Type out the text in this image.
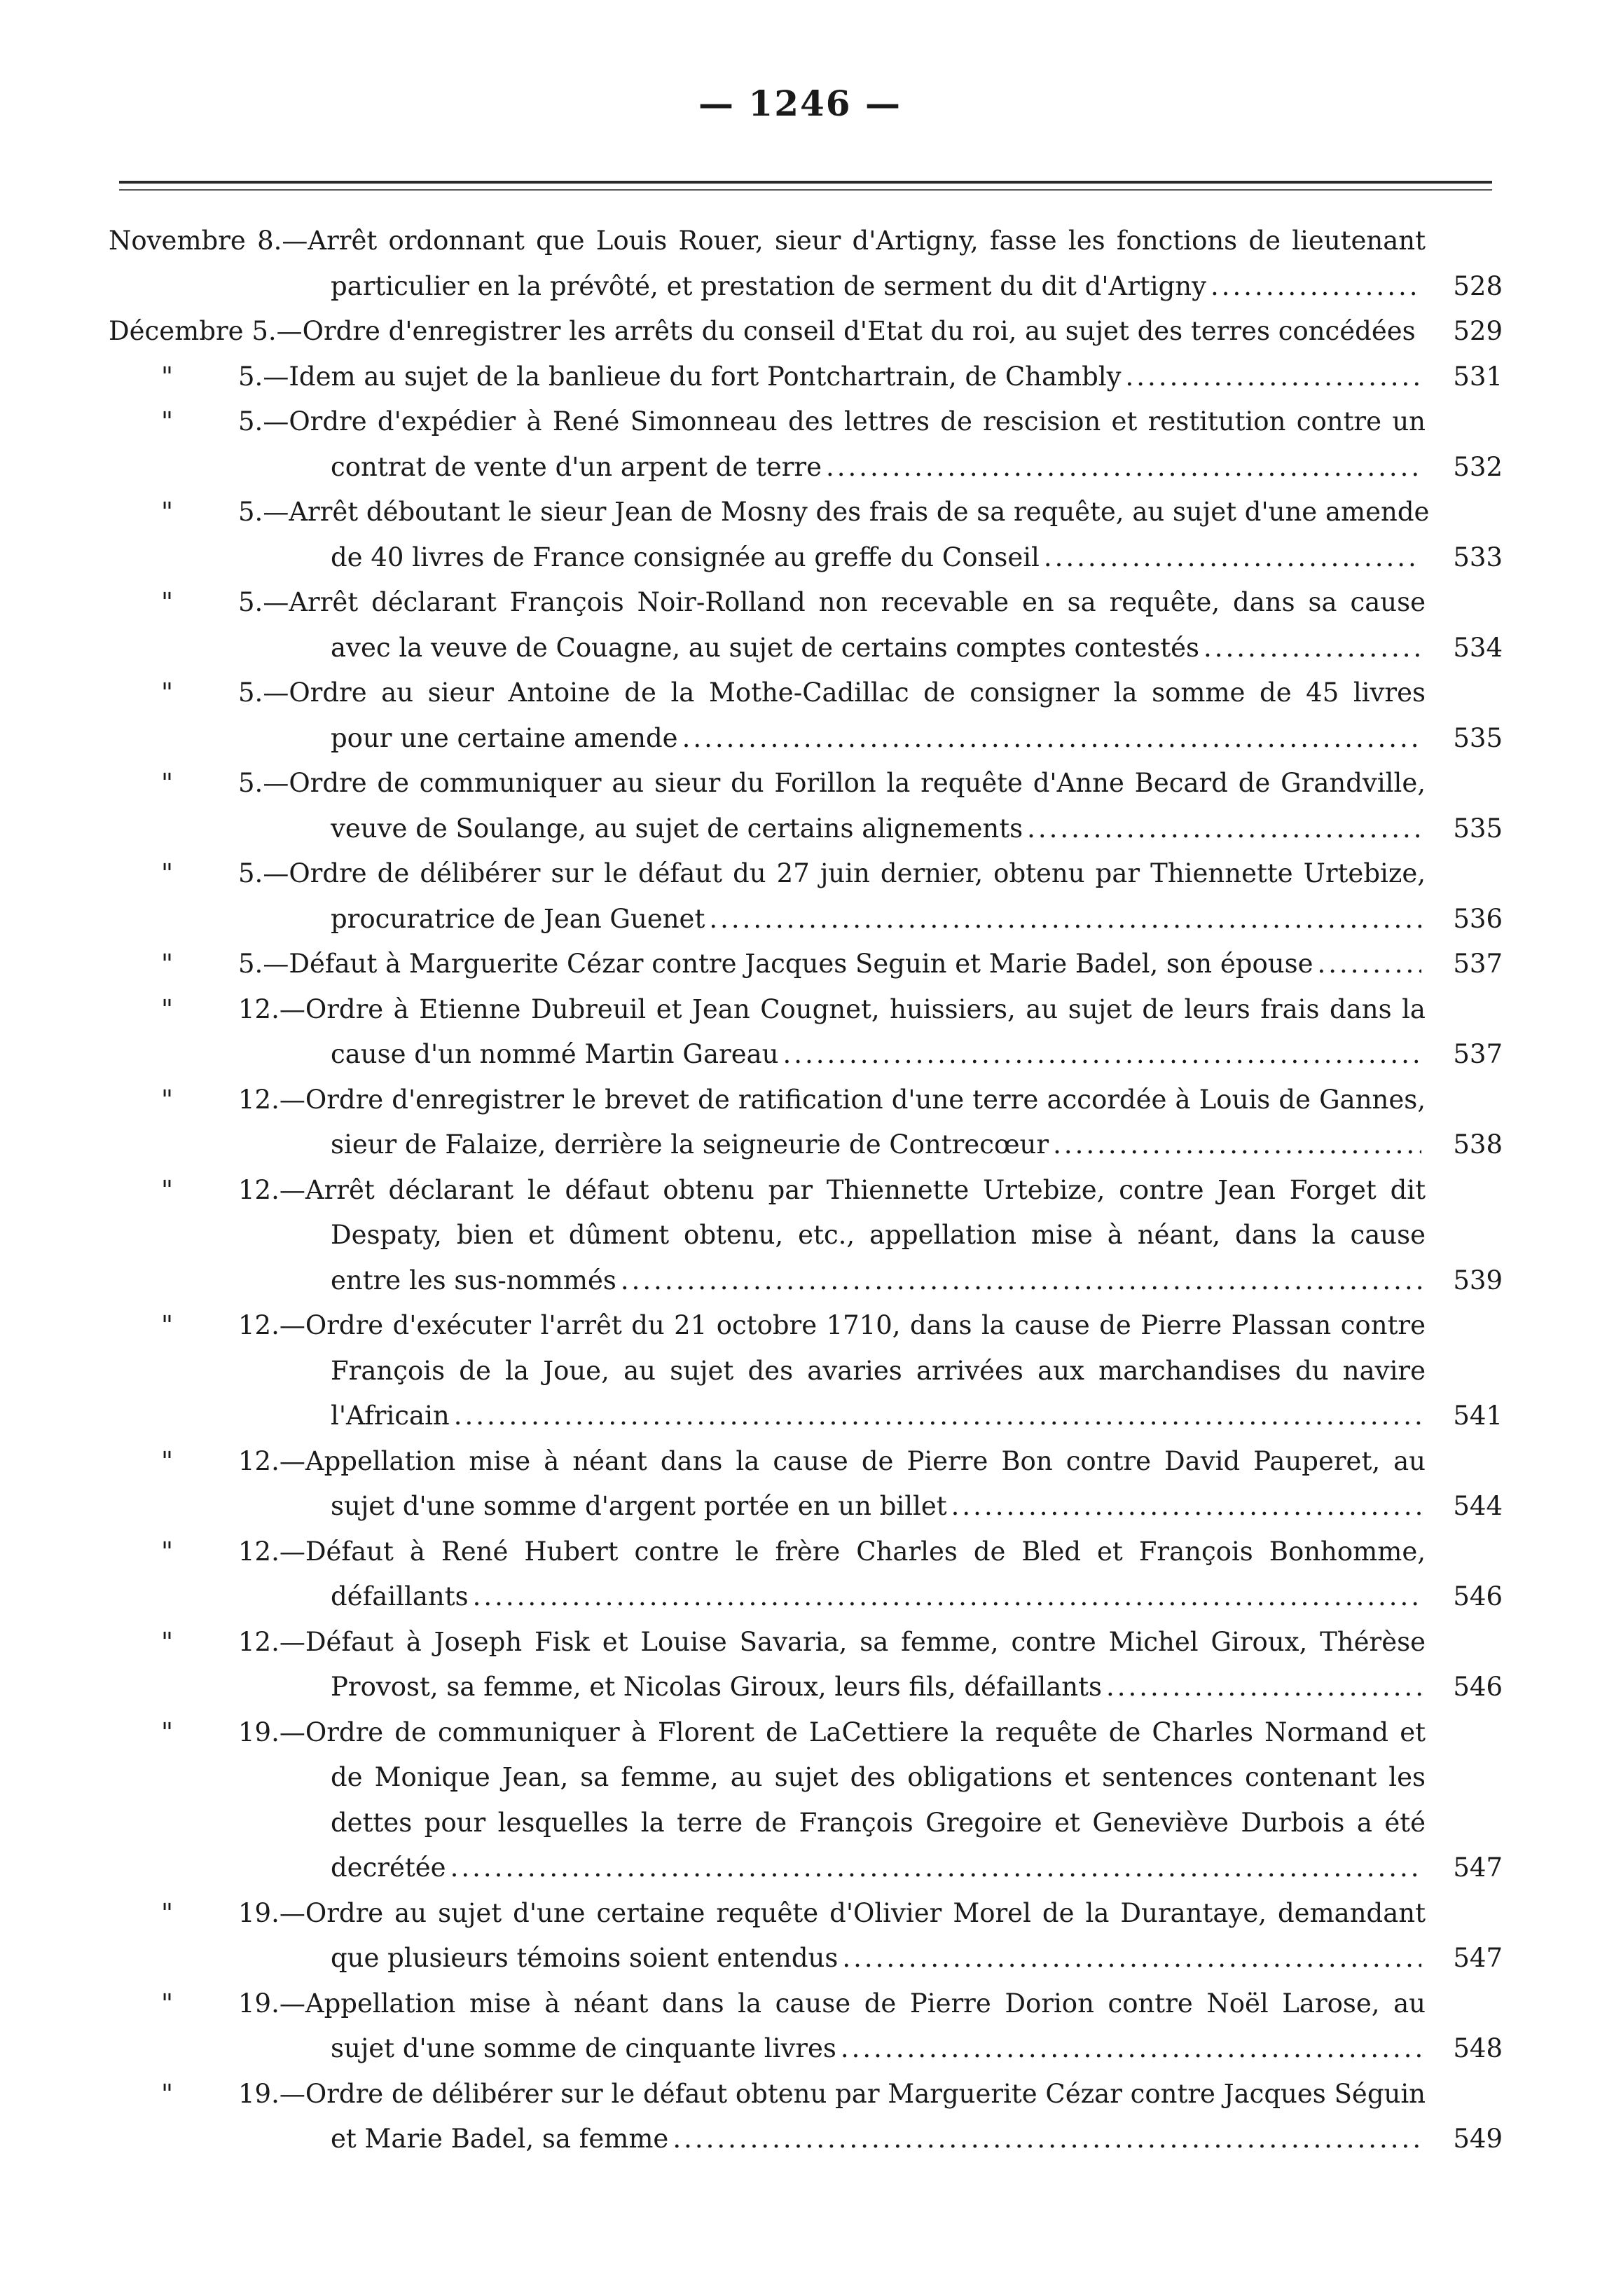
— 1246 —
Novembre 8.—Arrêt ordonnant que Louis Rouer, sieur d'Artigny, fasse les fonctions de lieutenant
particulier en la prévôté, et prestation de serment du dit d'Artigny .....	528
Décembre 5.—Ordre d'enregistrer les arrêts du conseil d'Etat du roi, au sujet des terres concédées .....	529
"	5.—Idem au sujet de la banlieue du fort Pontchartrain, de Chambly .....	531
"	5.—Ordre d'expédier à René Simonneau des lettres de rescision et restitution contre un
contrat de vente d'un arpent de terre .....	532
"	5.—Arrêt déboutant le sieur Jean de Mosny des frais de sa requête, au sujet d'une amende
de 40 livres de France consignée au greffe du Conseil .....	533
"	5.—Arrêt déclarant François Noir-Rolland non recevable en sa requête, dans sa cause
avec la veuve de Couagne, au sujet de certains comptes contestés .....	534
"	5.—Ordre au sieur Antoine de la Mothe-Cadillac de consigner la somme de 45 livres
pour une certaine amende .....	535
"	5.—Ordre de communiquer au sieur du Forillon la requête d'Anne Becard de Grandville,
veuve de Soulange, au sujet de certains alignements .....	535
"	5.—Ordre de délibérer sur le défaut du 27 juin dernier, obtenu par Thiennette Urtebize,
procuratrice de Jean Guenet .....	536
"	5.—Défaut à Marguerite Cézar contre Jacques Seguin et Marie Badel, son épouse .....	537
"	12.—Ordre à Etienne Dubreuil et Jean Cougnet, huissiers, au sujet de leurs frais dans la
cause d'un nommé Martin Gareau .....	537
"	12.—Ordre d'enregistrer le brevet de ratification d'une terre accordée à Louis de Gannes,
sieur de Falaize, derrière la seigneurie de Contrecœur .....	538
"	12.—Arrêt déclarant le défaut obtenu par Thiennette Urtebize, contre Jean Forget dit
Despaty, bien et dûment obtenu, etc., appellation mise à néant, dans la cause
entre les sus-nommés .....	539
"	12.—Ordre d'exécuter l'arrêt du 21 octobre 1710, dans la cause de Pierre Plassan contre
François de la Joue, au sujet des avaries arrivées aux marchandises du navire
l'Africain .....	541
"	12.—Appellation mise à néant dans la cause de Pierre Bon contre David Pauperet, au
sujet d'une somme d'argent portée en un billet .....	544
"	12.—Défaut à René Hubert contre le frère Charles de Bled et François Bonhomme,
défaillants .....	546
"	12.—Défaut à Joseph Fisk et Louise Savaria, sa femme, contre Michel Giroux, Thérèse
Provost, sa femme, et Nicolas Giroux, leurs fils, défaillants .....	546
"	19.—Ordre de communiquer à Florent de LaCettiere la requête de Charles Normand et
de Monique Jean, sa femme, au sujet des obligations et sentences contenant les
dettes pour lesquelles la terre de François Gregoire et Geneviève Durbois a été
decrétée .....	547
"	19.—Ordre au sujet d'une certaine requête d'Olivier Morel de la Durantaye, demandant
que plusieurs témoins soient entendus .....	547
"	19.—Appellation mise à néant dans la cause de Pierre Dorion contre Noël Larose, au
sujet d'une somme de cinquante livres .....	548
"	19.—Ordre de délibérer sur le défaut obtenu par Marguerite Cézar contre Jacques Séguin
et Marie Badel, sa femme .....	549
